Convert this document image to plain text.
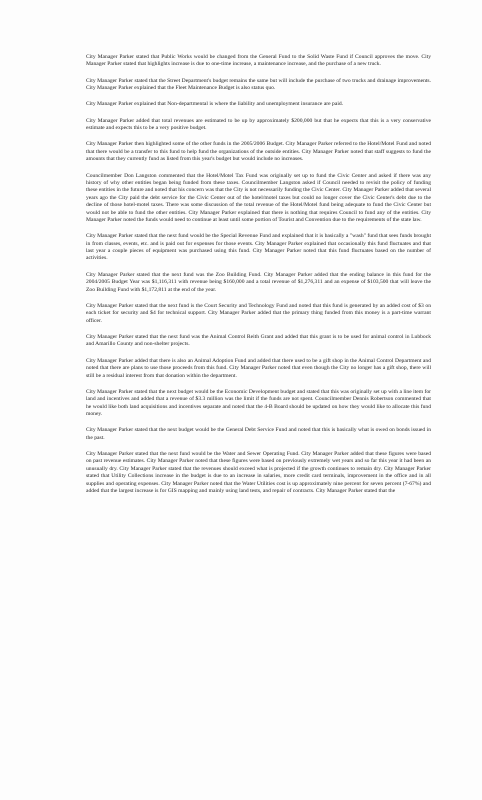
City Manager Parker stated that Public Works would be changed from the General Fund to the Solid Waste Fund if Council approves the move. City Manager Parker stated that highlights increase is due to one-time increase, a maintenance increase, and the purchase of a new truck.

City Manager Parker stated that the Street Department's budget remains the same but will include the purchase of two trucks and drainage improvements. City Manager Parker explained that the Fleet Maintenance Budget is also status quo.

City Manager Parker explained that Non-departmental is where the liability and unemployment insurance are paid.

City Manager Parker added that total revenues are estimated to be up by approximately $200,000 but that he expects that this is a very conservative estimate and expects this to be a very positive budget.

City Manager Parker then highlighted some of the other funds in the 2005/2006 Budget. City Manager Parker referred to the Hotel/Motel Fund and noted that there would be a transfer to this fund to help fund the organizations of the outside entities. City Manager Parker noted that staff suggests to fund the amounts that they currently fund as listed from this year's budget but would include no increases.

Councilmember Don Langston commented that the Hotel/Motel Tax Fund was originally set up to fund the Civic Center and asked if there was any history of why other entities began being funded from these taxes. Councilmember Langston asked if Council needed to revisit the policy of funding these entities in the future and noted that his concern was that the City is not necessarily funding the Civic Center. City Manager Parker added that several years ago the City paid the debt service for the Civic Center out of the hotel/motel taxes but could no longer cover the Civic Center's debt due to the decline of those hotel-motel taxes. There was some discussion of the total revenue of the Hotel/Motel fund being adequate to fund the Civic Center but would not be able to fund the other entities. City Manager Parker explained that there is nothing that requires Council to fund any of the entities. City Manager Parker noted the funds would need to continue at least until some portion of Tourist and Convention due to the requirements of the state law.

City Manager Parker stated that the next fund would be the Special Revenue Fund and explained that it is basically a "wash" fund that sees funds brought in from classes, events, etc. and is paid out for expenses for those events. City Manager Parker explained that occasionally this fund fluctuates and that last year a couple pieces of equipment was purchased using this fund. City Manager Parker noted that this fund fluctuates based on the number of activities.

City Manager Parker stated that the next fund was the Zoo Building Fund. City Manager Parker added that the ending balance in this fund for the 2004/2005 Budget Year was $1,116,311 with revenue being $160,000 and a total revenue of $1,276,311 and an expense of $103,500 that will leave the Zoo Building Fund with $1,172,811 at the end of the year.

City Manager Parker stated that the next fund is the Court Security and Technology Fund and noted that this fund is generated by an added cost of $3 on each ticket for security and $4 for technical support. City Manager Parker added that the primary thing funded from this money is a part-time warrant officer.

City Manager Parker stated that the next fund was the Animal Control Reith Grant and added that this grant is to be used for animal control in Lubbock and Amarillo County and non-shelter projects.

City Manager Parker added that there is also an Animal Adoption Fund and added that there used to be a gift shop in the Animal Control Department and noted that there are plans to use those proceeds from this fund. City Manager Parker noted that even though the City no longer has a gift shop, there will still be a residual interest from that donation within the department.

City Manager Parker stated that the next budget would be the Economic Development budget and stated that this was originally set up with a line item for land and incentives and added that a revenue of $3.3 million was the limit if the funds are not spent. Councilmember Dennis Robertson commented that he would like both land acquisitions and incentives separate and noted that the 4-B Board should be updated on how they would like to allocate this fund money.

City Manager Parker stated that the next budget would be the General Debt Service Fund and noted that this is basically what is owed on bonds issued in the past.

City Manager Parker stated that the next fund would be the Water and Sewer Operating Fund. City Manager Parker added that these figures were based on past revenue estimates. City Manager Parker noted that these figures were based on previously extremely wet years and so far this year it had been an unusually dry. City Manager Parker stated that the revenues should exceed what is projected if the growth continues to remain dry. City Manager Parker stated that Utility Collections increase in the budget is due to an increase in salaries, more credit card terminals, improvement in the office and in all supplies and operating expenses. City Manager Parker noted that the Water Utilities cost is up approximately nine percent for seven percent (7-67%) and added that the largest increase is for GIS mapping and mainly using land tests, and repair of contracts. City Manager Parker stated that the
